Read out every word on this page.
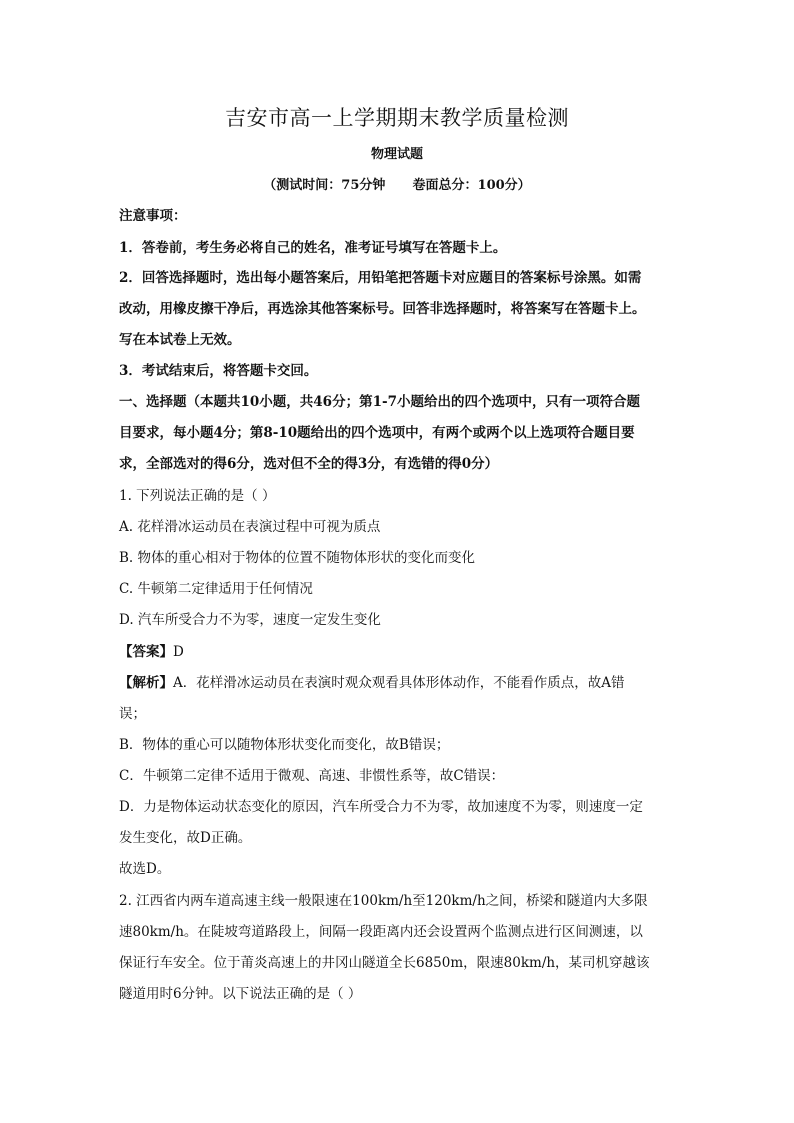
吉安市高一上学期期末教学质量检测
物理试题
（测试时间：75分钟      卷面总分：100分）
注意事项：
1．答卷前，考生务必将自己的姓名，准考证号填写在答题卡上。
2．回答选择题时，选出每小题答案后，用铅笔把答题卡对应题目的答案标号涂黑。如需
改动，用橡皮擦干净后，再选涂其他答案标号。回答非选择题时，将答案写在答题卡上。
写在本试卷上无效。
3．考试结束后，将答题卡交回。
一、选择题（本题共10小题，共46分；第1-7小题给出的四个选项中，只有一项符合题
目要求，每小题4分；第8-10题给出的四个选项中，有两个或两个以上选项符合题目要
求，全部选对的得6分，选对但不全的得3分，有选错的得0分）
1. 下列说法正确的是（ ）
A. 花样滑冰运动员在表演过程中可视为质点
B. 物体的重心相对于物体的位置不随物体形状的变化而变化
C. 牛顿第二定律适用于任何情况
D. 汽车所受合力不为零，速度一定发生变化
【答案】D
【解析】A．花样滑冰运动员在表演时观众观看具体形体动作，不能看作质点，故A错
误；
B．物体的重心可以随物体形状变化而变化，故B错误；
C．牛顿第二定律不适用于微观、高速、非惯性系等，故C错误：
D．力是物体运动状态变化的原因，汽车所受合力不为零，故加速度不为零，则速度一定
发生变化，故D正确。
故选D。
2. 江西省内两车道高速主线一般限速在100km/h至120km/h之间，桥梁和隧道内大多限
速80km/h。在陡坡弯道路段上，间隔一段距离内还会设置两个监测点进行区间测速，以
保证行车安全。位于莆炎高速上的井冈山隧道全长6850m，限速80km/h，某司机穿越该
隧道用时6分钟。以下说法正确的是（ ）
